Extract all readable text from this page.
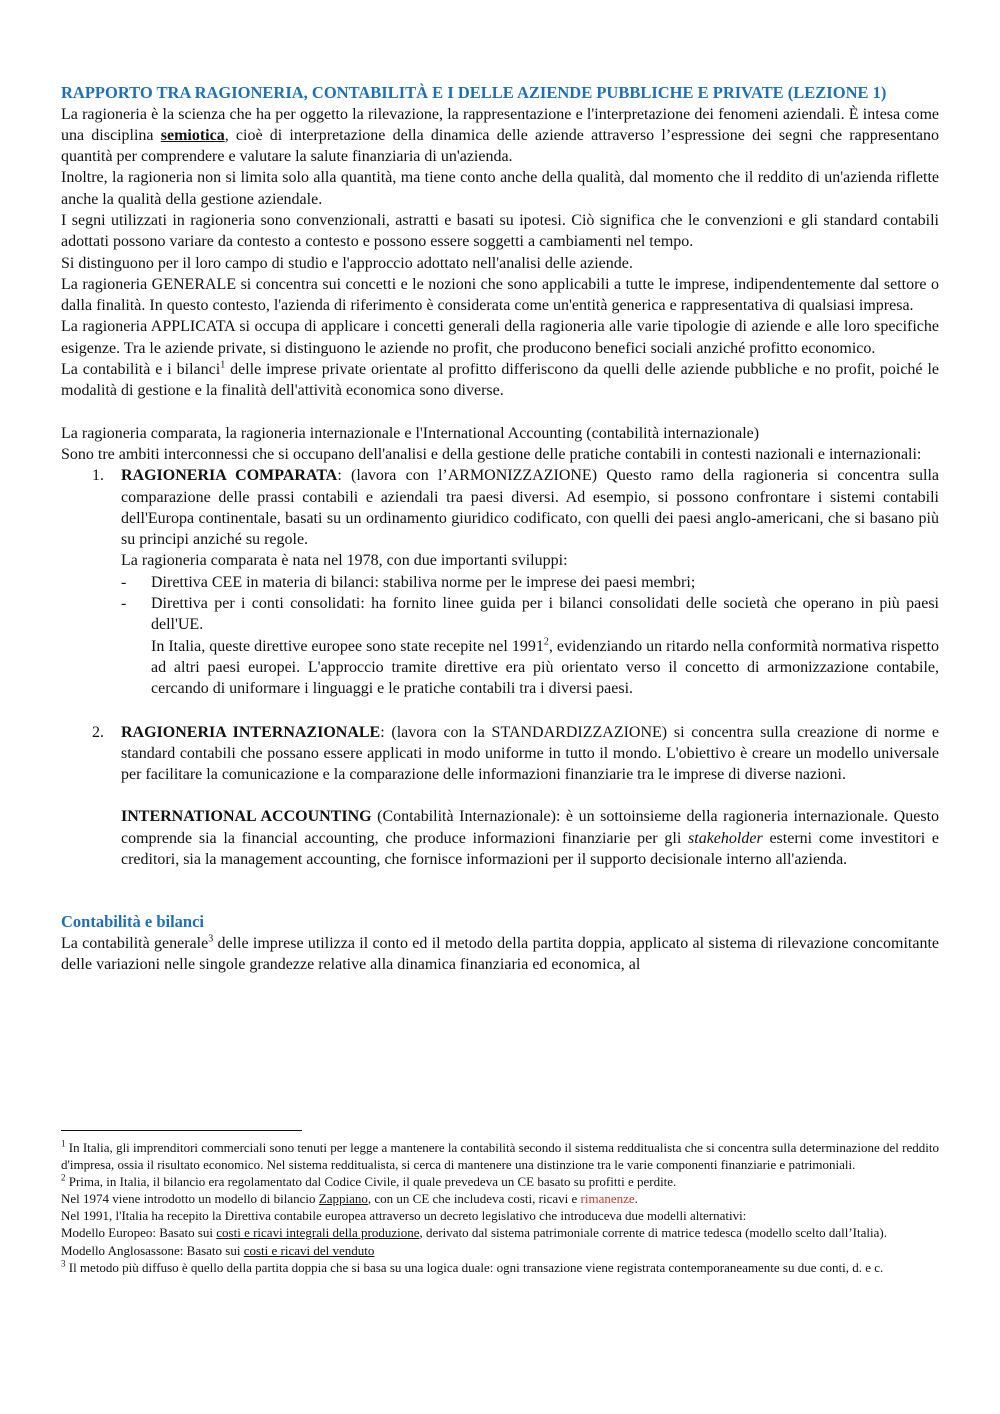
RAPPORTO TRA RAGIONERIA, CONTABILITÀ E I DELLE AZIENDE PUBBLICHE E PRIVATE (LEZIONE 1)

La ragioneria è la scienza che ha per oggetto la rilevazione, la rappresentazione e l'interpretazione dei fenomeni aziendali. È intesa come una disciplina semiotica, cioè di interpretazione della dinamica delle aziende attraverso l’espressione dei segni che rappresentano quantità per comprendere e valutare la salute finanziaria di un'azienda.

Inoltre, la ragioneria non si limita solo alla quantità, ma tiene conto anche della qualità, dal momento che il reddito di un'azienda riflette anche la qualità della gestione aziendale.

I segni utilizzati in ragioneria sono convenzionali, astratti e basati su ipotesi. Ciò significa che le convenzioni e gli standard contabili adottati possono variare da contesto a contesto e possono essere soggetti a cambiamenti nel tempo.

Si distinguono per il loro campo di studio e l'approccio adottato nell'analisi delle aziende.

La ragioneria GENERALE si concentra sui concetti e le nozioni che sono applicabili a tutte le imprese, indipendentemente dal settore o dalla finalità. In questo contesto, l'azienda di riferimento è considerata come un'entità generica e rappresentativa di qualsiasi impresa.

La ragioneria APPLICATA si occupa di applicare i concetti generali della ragioneria alle varie tipologie di aziende e alle loro specifiche esigenze. Tra le aziende private, si distinguono le aziende no profit, che producono benefici sociali anziché profitto economico.

La contabilità e i bilanci$^1$ delle imprese private orientate al profitto differiscono da quelli delle aziende pubbliche e no profit, poiché le modalità di gestione e la finalità dell'attività economica sono diverse.

La ragioneria comparata, la ragioneria internazionale e l'International Accounting (contabilità internazionale)

Sono tre ambiti interconnessi che si occupano dell'analisi e della gestione delle pratiche contabili in contesti nazionali e internazionali:

1. RAGIONERIA COMPARATA: (lavora con l’ARMONIZZAZIONE) Questo ramo della ragioneria si concentra sulla comparazione delle prassi contabili e aziendali tra paesi diversi. Ad esempio, si possono confrontare i sistemi contabili dell'Europa continentale, basati su un ordinamento giuridico codificato, con quelli dei paesi anglo-americani, che si basano più su principi anziché su regole.

La ragioneria comparata è nata nel 1978, con due importanti sviluppi:

- Direttiva CEE in materia di bilanci: stabiliva norme per le imprese dei paesi membri;

- Direttiva per i conti consolidati: ha fornito linee guida per i bilanci consolidati delle società che operano in più paesi dell'UE.

In Italia, queste direttive europee sono state recepite nel 1991$^2$, evidenziando un ritardo nella conformità normativa rispetto ad altri paesi europei. L'approccio tramite direttive era più orientato verso il concetto di armonizzazione contabile, cercando di uniformare i linguaggi e le pratiche contabili tra i diversi paesi.

2. RAGIONERIA INTERNAZIONALE: (lavora con la STANDARDIZZAZIONE) si concentra sulla creazione di norme e standard contabili che possano essere applicati in modo uniforme in tutto il mondo. L'obiettivo è creare un modello universale per facilitare la comunicazione e la comparazione delle informazioni finanziarie tra le imprese di diverse nazioni.

INTERNATIONAL ACCOUNTING (Contabilità Internazionale): è un sottoinsieme della ragioneria internazionale. Questo comprende sia la financial accounting, che produce informazioni finanziarie per gli stakeholder esterni come investitori e creditori, sia la management accounting, che fornisce informazioni per il supporto decisionale interno all'azienda.

Contabilità e bilanci

La contabilità generale$^3$ delle imprese utilizza il conto ed il metodo della partita doppia, applicato al sistema di rilevazione concomitante delle variazioni nelle singole grandezze relative alla dinamica finanziaria ed economica, al

$^1$ In Italia, gli imprenditori commerciali sono tenuti per legge a mantenere la contabilità secondo il sistema redditualista che si concentra sulla determinazione del reddito d'impresa, ossia il risultato economico. Nel sistema redditualista, si cerca di mantenere una distinzione tra le varie componenti finanziarie e patrimoniali.

$^2$ Prima, in Italia, il bilancio era regolamentato dal Codice Civile, il quale prevedeva un CE basato su profitti e perdite.

Nel 1974 viene introdotto un modello di bilancio Zappiano, con un CE che includeva costi, ricavi e rimanenze.

Nel 1991, l'Italia ha recepito la Direttiva contabile europea attraverso un decreto legislativo che introduceva due modelli alternativi:

Modello Europeo: Basato sui costi e ricavi integrali della produzione, derivato dal sistema patrimoniale corrente di matrice tedesca (modello scelto dall’Italia).

Modello Anglosassone: Basato sui costi e ricavi del venduto

$^3$ Il metodo più diffuso è quello della partita doppia che si basa su una logica duale: ogni transazione viene registrata contemporaneamente su due conti, d. e c.
